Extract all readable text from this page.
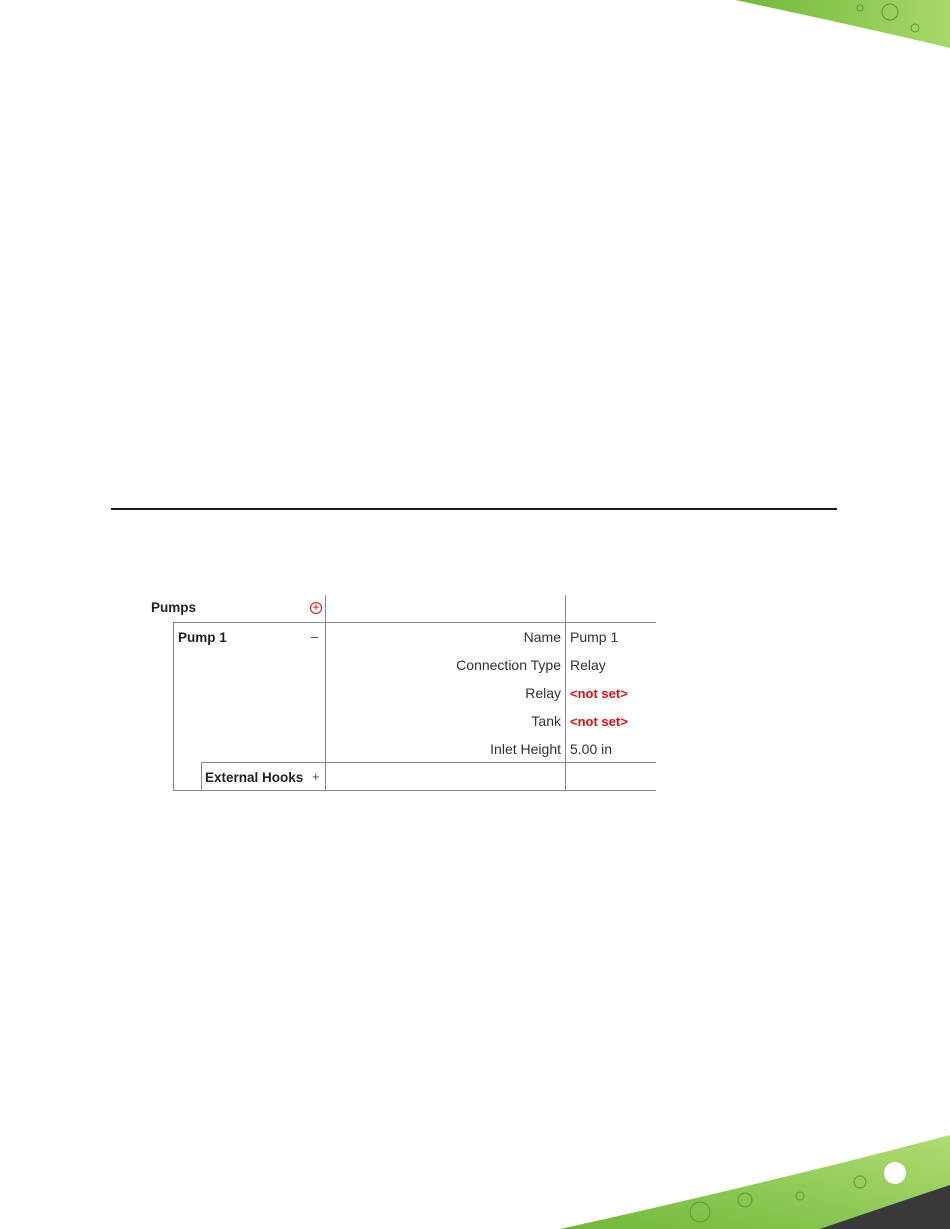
Pumps	+
Pump 1	–	Name Pump 1
Connection Type Relay
Relay <not set>
Tank <not set>
Inlet Height 5.00 in
External Hooks +
